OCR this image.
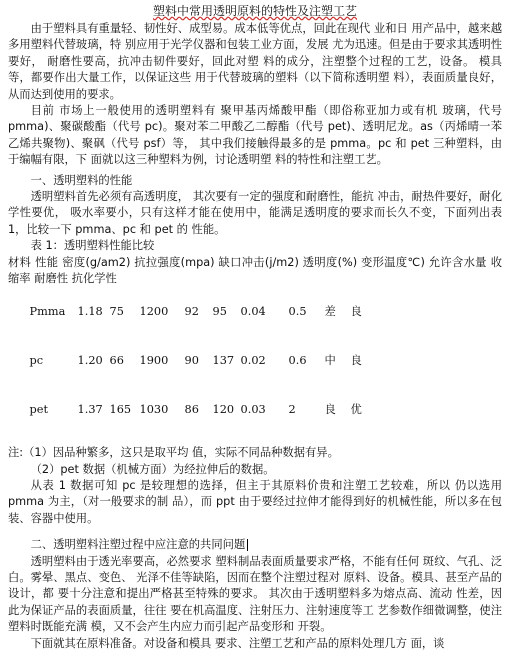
塑料中常用透明原料的特性及注塑工艺

由于塑料具有重量轻、韧性好、成型易。成本低等优点，回此在现代 业和日 用产品中，越来越多用塑料代替玻璃，特 别应用于光学仪器和包装工业方面，发展 尤为迅速。但是由于要求其透明性要好， 耐磨性要高，抗冲击韧件要好，回此对塑 料的成分，注塑整个过程的工艺，设备。 模具等，都要作出大量工作，以保证这些 用于代替玻璃的塑料（以下简称透明塑 料），表面质量良好，从而达到使用的要求。

目前 市场上一般使用的透明塑料有 聚甲基丙烯酸甲酯（即俗称亚加力或有机 玻璃，代号 pmma)、聚碳酸酯（代号 pc)。聚对苯二甲酸乙二醇酯（代号 pet)、透明尼龙。as（丙烯晴一苯 乙烯共聚物)、聚砜（代号 psf）等， 其中我们接触得最多的是 pmma。pc 和 pet 三种塑料，由于编幅有限，下 面就以这三种塑料为例，讨论透明塑 料的特性和注塑工艺。

一、透明塑料的性能

透明塑料首先必须有高透明度， 其次要有一定的强度和耐磨性，能抗 冲击，耐热件要好，耐化学性要优， 吸水率要小，只有这样才能在使用中，能满足透明度的要求而长久不变，下面列出表 1，比较一下 pmma、pc 和 pet 的 性能。

表 1：透明塑料性能比较

材料 性能 密度(g/am2) 抗拉强度(mpa) 缺口冲击(j/m2) 透明度(%) 变形温度℃) 允许含水量 收缩率 耐磨性 抗化学性

Pmma 1.18 75 1200 92 95 0.04 0.5 差 良

pc	1.20 66 1900 90 137 0.02 0.6 中 良

pet	1.37 165 1030 86 120 0.03 2	良 优

注:（1）因品种繁多，这只是取平均 值，实际不同品种数据有异。

（2）pet 数据（机械方面）为经拉伸后的数据。

从表 1 数据可知 pc 是较理想的选择，但主于其原料价贵和注塑工艺较难，所以 仍以选用 pmma 为主，（对一般要求的制 品），而 ppt 由于要经过拉伸才能得到好的机械性能，所以多在包装、容器中使用。

二、透明塑料注塑过程中应注意的共同问题

透明塑料由于透光率要高，必然要求 塑料制品表面质量要求严格，不能有任何 斑纹、气孔、泛白。雾晕、黑点、变色、 光泽不佳等缺陷，因而在整个注塑过程对 原料、设备。模具、甚至产品的设计，都 要十分注意和提出严格甚至特殊的要求。 其次由于透明塑料多为熔点高、流动 性差，因此为保证产品的表面质量，往往 要在机高温度、注射压力、注射速度等工 艺参数作细微调整，使注塑料时既能充满 模，又不会产生内应力而引起产品变形和 开裂。

下面就其在原料准备。对设备和模具 要求、注塑工艺和产品的原料处理几方 面，谈
